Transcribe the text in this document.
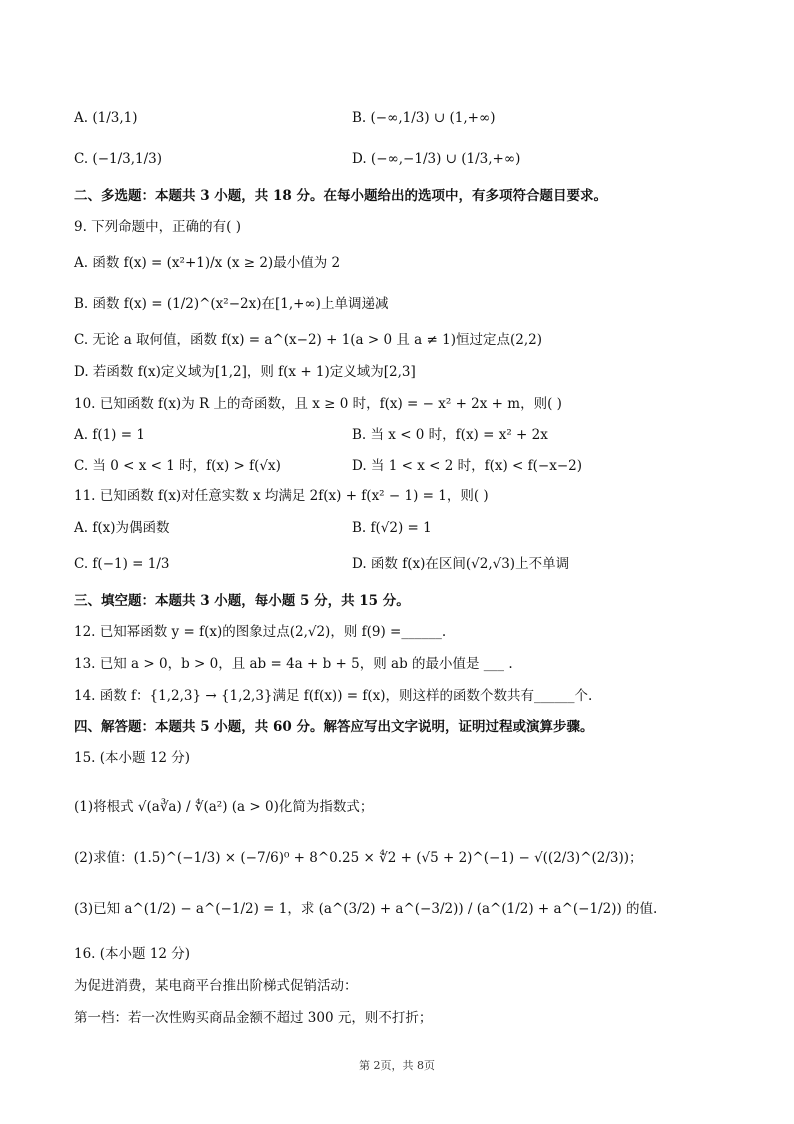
A. (1/3,1)	B. (−∞,1/3) ∪ (1,+∞)
C. (−1/3,1/3)	D. (−∞,−1/3) ∪ (1/3,+∞)
二、多选题：本题共 3 小题，共 18 分。在每小题给出的选项中，有多项符合题目要求。
9. 下列命题中，正确的有( )
A. 函数 f(x) = (x²+1)/x (x ≥ 2)最小值为 2
B. 函数 f(x) = (1/2)^(x²−2x)在[1,+∞)上单调递减
C. 无论 a 取何值，函数 f(x) = a^(x−2) + 1(a > 0 且 a ≠ 1)恒过定点(2,2)
D. 若函数 f(x)定义域为[1,2]，则 f(x + 1)定义域为[2,3]
10. 已知函数 f(x)为 R 上的奇函数，且 x ≥ 0 时，f(x) = − x² + 2x + m，则( )
A. f(1) = 1	B. 当 x < 0 时，f(x) = x² + 2x
C. 当 0 < x < 1 时，f(x) > f(√x)	D. 当 1 < x < 2 时，f(x) < f(−x−2)
11. 已知函数 f(x)对任意实数 x 均满足 2f(x) + f(x² − 1) = 1，则( )
A. f(x)为偶函数	B. f(√2) = 1
C. f(−1) = 1/3	D. 函数 f(x)在区间(√2,√3)上不单调
三、填空题：本题共 3 小题，每小题 5 分，共 15 分。
12. 已知幂函数 y = f(x)的图象过点(2,√2)，则 f(9) =______.
13. 已知 a > 0，b > 0，且 ab = 4a + b + 5，则 ab 的最小值是 ___ .
14. 函数 f：{1,2,3} → {1,2,3}满足 f(f(x)) = f(x)，则这样的函数个数共有______个.
四、解答题：本题共 5 小题，共 60 分。解答应写出文字说明，证明过程或演算步骤。
15. (本小题 12 分)
(1)将根式 √(a∛a) / ∜(a²) (a > 0)化简为指数式；
(2)求值：(1.5)^(−1/3) × (−7/6)⁰ + 8^0.25 × ∜2 + (√5 + 2)^(−1) − √((2/3)^(2/3))；
(3)已知 a^(1/2) − a^(−1/2) = 1，求 (a^(3/2) + a^(−3/2)) / (a^(1/2) + a^(−1/2)) 的值.
16. (本小题 12 分)
为促进消费，某电商平台推出阶梯式促销活动：
第一档：若一次性购买商品金额不超过 300 元，则不打折；
第 2页，共 8页
